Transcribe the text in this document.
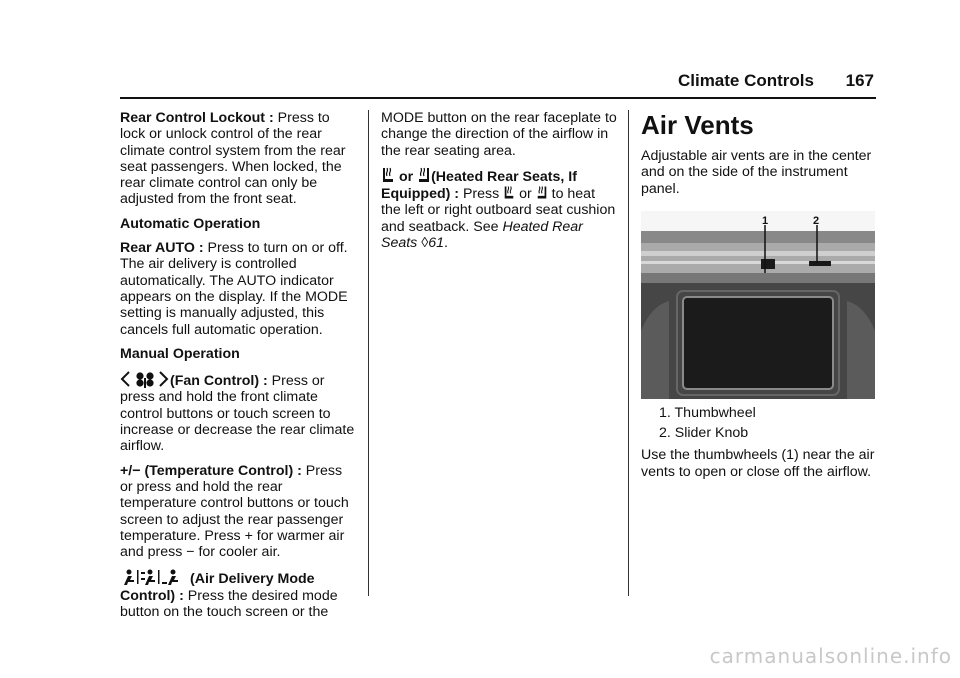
Climate Controls 167

Rear Control Lockout : Press to lock or unlock control of the rear climate control system from the rear seat passengers. When locked, the rear climate control can only be adjusted from the front seat.

Automatic Operation

Rear AUTO : Press to turn on or off. The air delivery is controlled automatically. The AUTO indicator appears on the display. If the MODE setting is manually adjusted, this cancels full automatic operation.

Manual Operation

(Fan Control) : Press or press and hold the front climate control buttons or touch screen to increase or decrease the rear climate airflow.

+/− (Temperature Control) : Press or press and hold the rear temperature control buttons or touch screen to adjust the rear passenger temperature. Press + for warmer air and press − for cooler air.

(Air Delivery Mode Control) : Press the desired mode button on the touch screen or the

MODE button on the rear faceplate to change the direction of the airflow in the rear seating area.

or (Heated Rear Seats, If Equipped) : Press  or  to heat the left or right outboard seat cushion and seatback. See Heated Rear Seats ◊61.

Air Vents

Adjustable air vents are in the center and on the side of the instrument panel.

1	2
1. Thumbwheel
2. Slider Knob

Use the thumbwheels (1) near the air vents to open or close off the airflow.

carmanualsonline.info
